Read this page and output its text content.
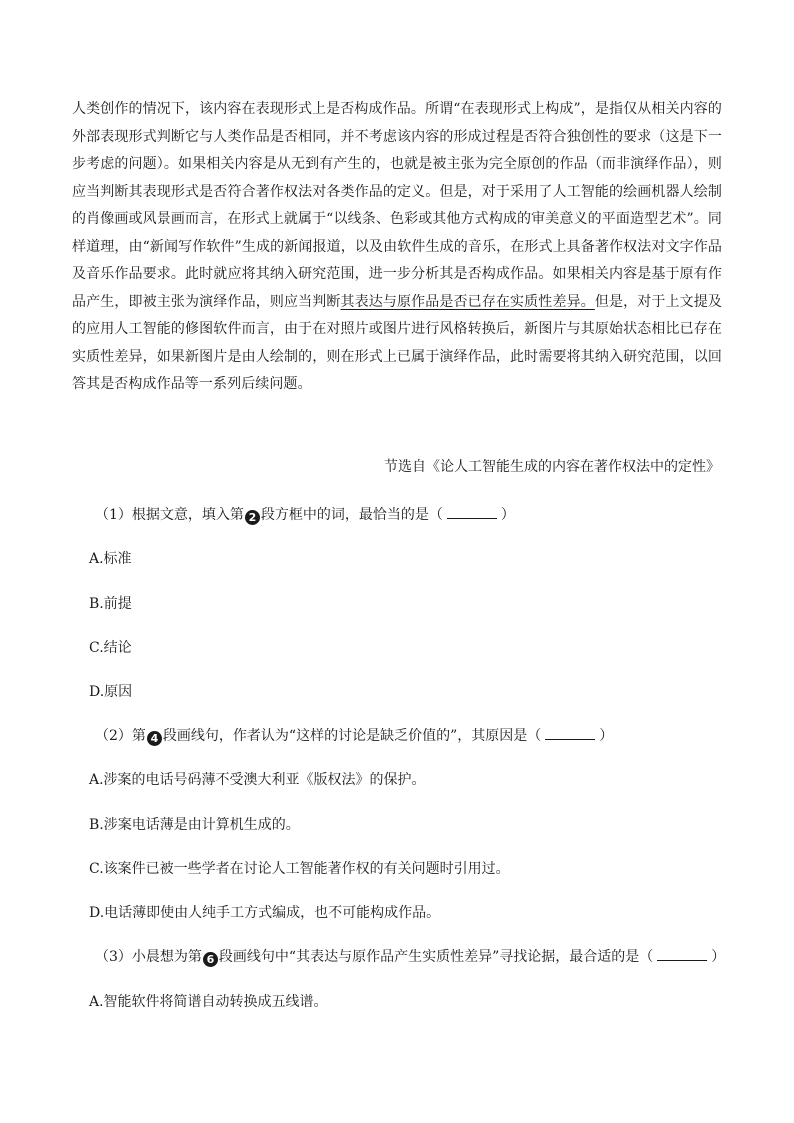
人类创作的情况下，该内容在表现形式上是否构成作品。所谓“在表现形式上构成”，是指仅从相关内容的外部表现形式判断它与人类作品是否相同，并不考虑该内容的形成过程是否符合独创性的要求（这是下一步考虑的问题）。如果相关内容是从无到有产生的，也就是被主张为完全原创的作品（而非演绎作品），则应当判断其表现形式是否符合著作权法对各类作品的定义。但是，对于采用了人工智能的绘画机器人绘制的肖像画或风景画而言，在形式上就属于“以线条、色彩或其他方式构成的审美意义的平面造型艺术”。同样道理，由“新闻写作软件”生成的新闻报道，以及由软件生成的音乐，在形式上具备著作权法对文字作品及音乐作品要求。此时就应将其纳入研究范围，进一步分析其是否构成作品。如果相关内容是基于原有作品产生，即被主张为演绎作品，则应当判断其表达与原作品是否已存在实质性差异。但是，对于上文提及的应用人工智能的修图软件而言，由于在对照片或图片进行风格转换后，新图片与其原始状态相比已存在实质性差异，如果新图片是由人绘制的，则在形式上已属于演绎作品，此时需要将其纳入研究范围，以回答其是否构成作品等一系列后续问题。

节选自《论人工智能生成的内容在著作权法中的定性》
（1）根据文意，填入第 2 段方框中的词，最恰当的是（	）
A.标准
B.前提
C.结论
D.原因
（2）第 4 段画线句，作者认为“这样的讨论是缺乏价值的”，其原因是（	）
A.涉案的电话号码薄不受澳大利亚《版权法》的保护。
B.涉案电话薄是由计算机生成的。
C.该案件已被一些学者在讨论人工智能著作权的有关问题时引用过。
D.电话薄即使由人纯手工方式编成，也不可能构成作品。
（3）小晨想为第 6 段画线句中“其表达与原作品产生实质性差异”寻找论据，最合适的是（	）
A.智能软件将简谱自动转换成五线谱。
